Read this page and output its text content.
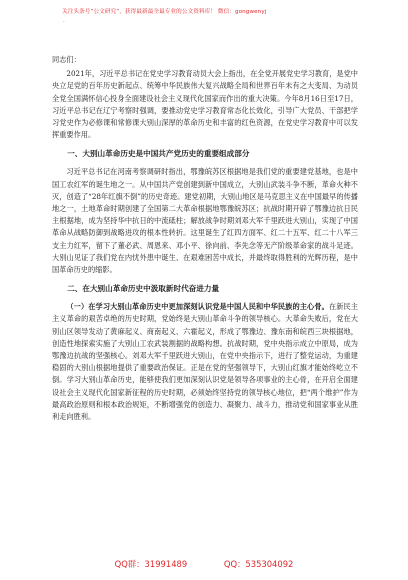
关注头条号“公文研究”，获得最新最全最专业的公文资料库！ 微信：gongwenyj
.

同志们：

2021年，习近平总书记在党史学习教育动员大会上指出，在全党开展党史学习教育，是党中央立足党的百年历史新起点、统筹中华民族伟大复兴战略全局和世界百年未有之大变局、为动员全党全国满怀信心投身全面建设社会主义现代化国家而作出的重大决策。今年8月16日至17日，习近平总书记在辽宁考察时强调，要推动党史学习教育常态化长效化，引导广大党员、干部把学习党史作为必修课和常修课大别山深厚的革命历史和丰富的红色资源，在党史学习教育中可以发挥重要作用。

一、大别山革命历史是中国共产党历史的重要组成部分

习近平总书记在河南考察调研时指出，鄂豫皖苏区根据地是我们党的重要建党基地，也是中国工农红军的诞生地之一。从中国共产党创建到新中国成立，大别山武装斗争不断，革命火种不灭，创造了“28年红旗不倒”的历史奇迹。建党初期，大别山地区是马克思主义在中国最早的传播地之一，土地革命时期创建了全国第二大革命根据地鄂豫皖苏区；抗战时期开辟了鄂豫边抗日民主根据地，成为坚持华中抗日的中流砥柱；解放战争时期刘邓大军千里跃进大别山，实现了中国革命从战略防御到战略进攻的根本性转折。这里诞生了红四方面军、红二十五军、红二十八军三支主力红军，留下了董必武、周恩来、邓小平、徐向前、李先念等无产阶级革命家的战斗足迹。大别山见证了我们党在内忧外患中诞生、在艰难困苦中成长，并最终取得胜利的光辉历程，是中国革命历史的缩影。

二、在大别山革命历史中汲取新时代奋进力量

（一）在学习大别山革命历史中更加深刻认识党是中国人民和中华民族的主心骨。在新民主主义革命的艰苦卓绝的历史时期，党始终是大别山革命斗争的领导核心。大革命失败后，党在大别山区领导发动了黄麻起义、商南起义、六霍起义，形成了鄂豫边、豫东南和皖西三块根据地，创造性地探索实施了大别山工农武装割据的战略构想。抗战时期，党中央指示成立中原局，成为鄂豫边抗战的坚强核心。刘邓大军千里跃进大别山，在党中央指示下，进行了整党运动，为重建稳固的大别山根据地提供了重要政治保证。正是在党的坚强领导下，大别山红旗才能始终屹立不倒。学习大别山革命历史，能够使我们更加深刻认识党是领导各项事业的主心骨，在开启全面建设社会主义现代化国家新征程的历史时期，必须始终坚持党的领导核心地位，把“两个维护”作为最高政治原则和根本政治规矩，不断增强党的创造力、凝聚力、战斗力，推动党和国家事业从胜利走向胜利。

QQ群：31991489	QQ：535304092
